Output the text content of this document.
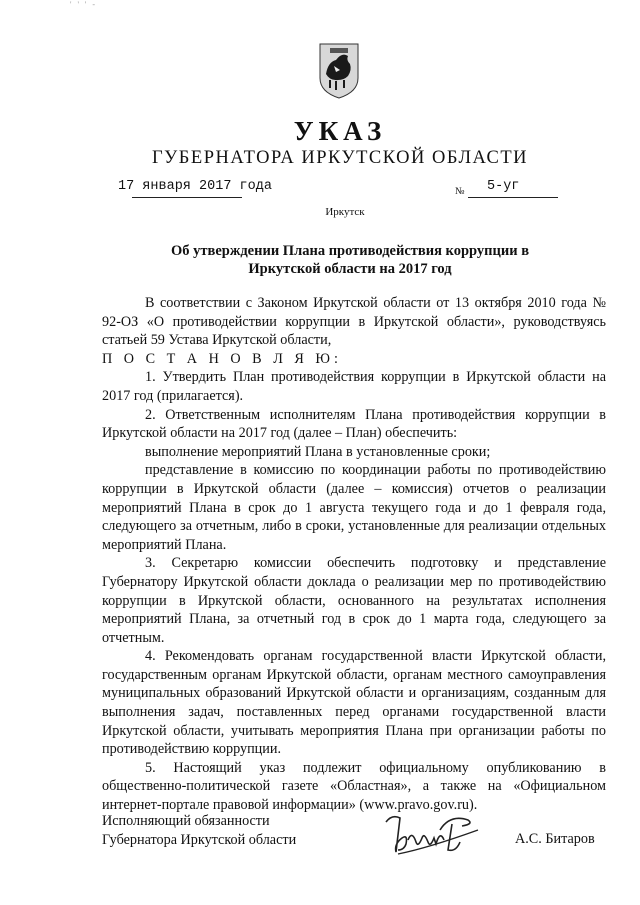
' ' ' -
УКАЗ
ГУБЕРНАТОРА ИРКУТСКОЙ ОБЛАСТИ
17 января 2017 года	№ 5-уг
Иркутск
Об утверждении Плана противодействия коррупции в
Иркутской области на 2017 год

В соответствии с Законом Иркутской области от 13 октября 2010 года № 92-ОЗ «О противодействии коррупции в Иркутской области», руководствуясь статьей 59 Устава Иркутской области,

П О С Т А Н О В Л Я Ю:

1. Утвердить План противодействия коррупции в Иркутской области на 2017 год (прилагается).

2. Ответственным исполнителям Плана противодействия коррупции в Иркутской области на 2017 год (далее – План) обеспечить:

выполнение мероприятий Плана в установленные сроки;

представление в комиссию по координации работы по противодействию коррупции в Иркутской области (далее – комиссия) отчетов о реализации мероприятий Плана в срок до 1 августа текущего года и до 1 февраля года, следующего за отчетным, либо в сроки, установленные для реализации отдельных мероприятий Плана.

3. Секретарю комиссии обеспечить подготовку и представление Губернатору Иркутской области доклада о реализации мер по противодействию коррупции в Иркутской области, основанного на результатах исполнения мероприятий Плана, за отчетный год в срок до 1 марта года, следующего за отчетным.

4. Рекомендовать органам государственной власти Иркутской области, государственным органам Иркутской области, органам местного самоуправления муниципальных образований Иркутской области и организациям, созданным для выполнения задач, поставленных перед органами государственной власти Иркутской области, учитывать мероприятия Плана при организации работы по противодействию коррупции.

5. Настоящий указ подлежит официальному опубликованию в общественно-политической газете «Областная», а также на «Официальном интернет-портале правовой информации» (www.pravo.gov.ru).

Исполняющий обязанности
Губернатора Иркутской области	А.С. Битаров
